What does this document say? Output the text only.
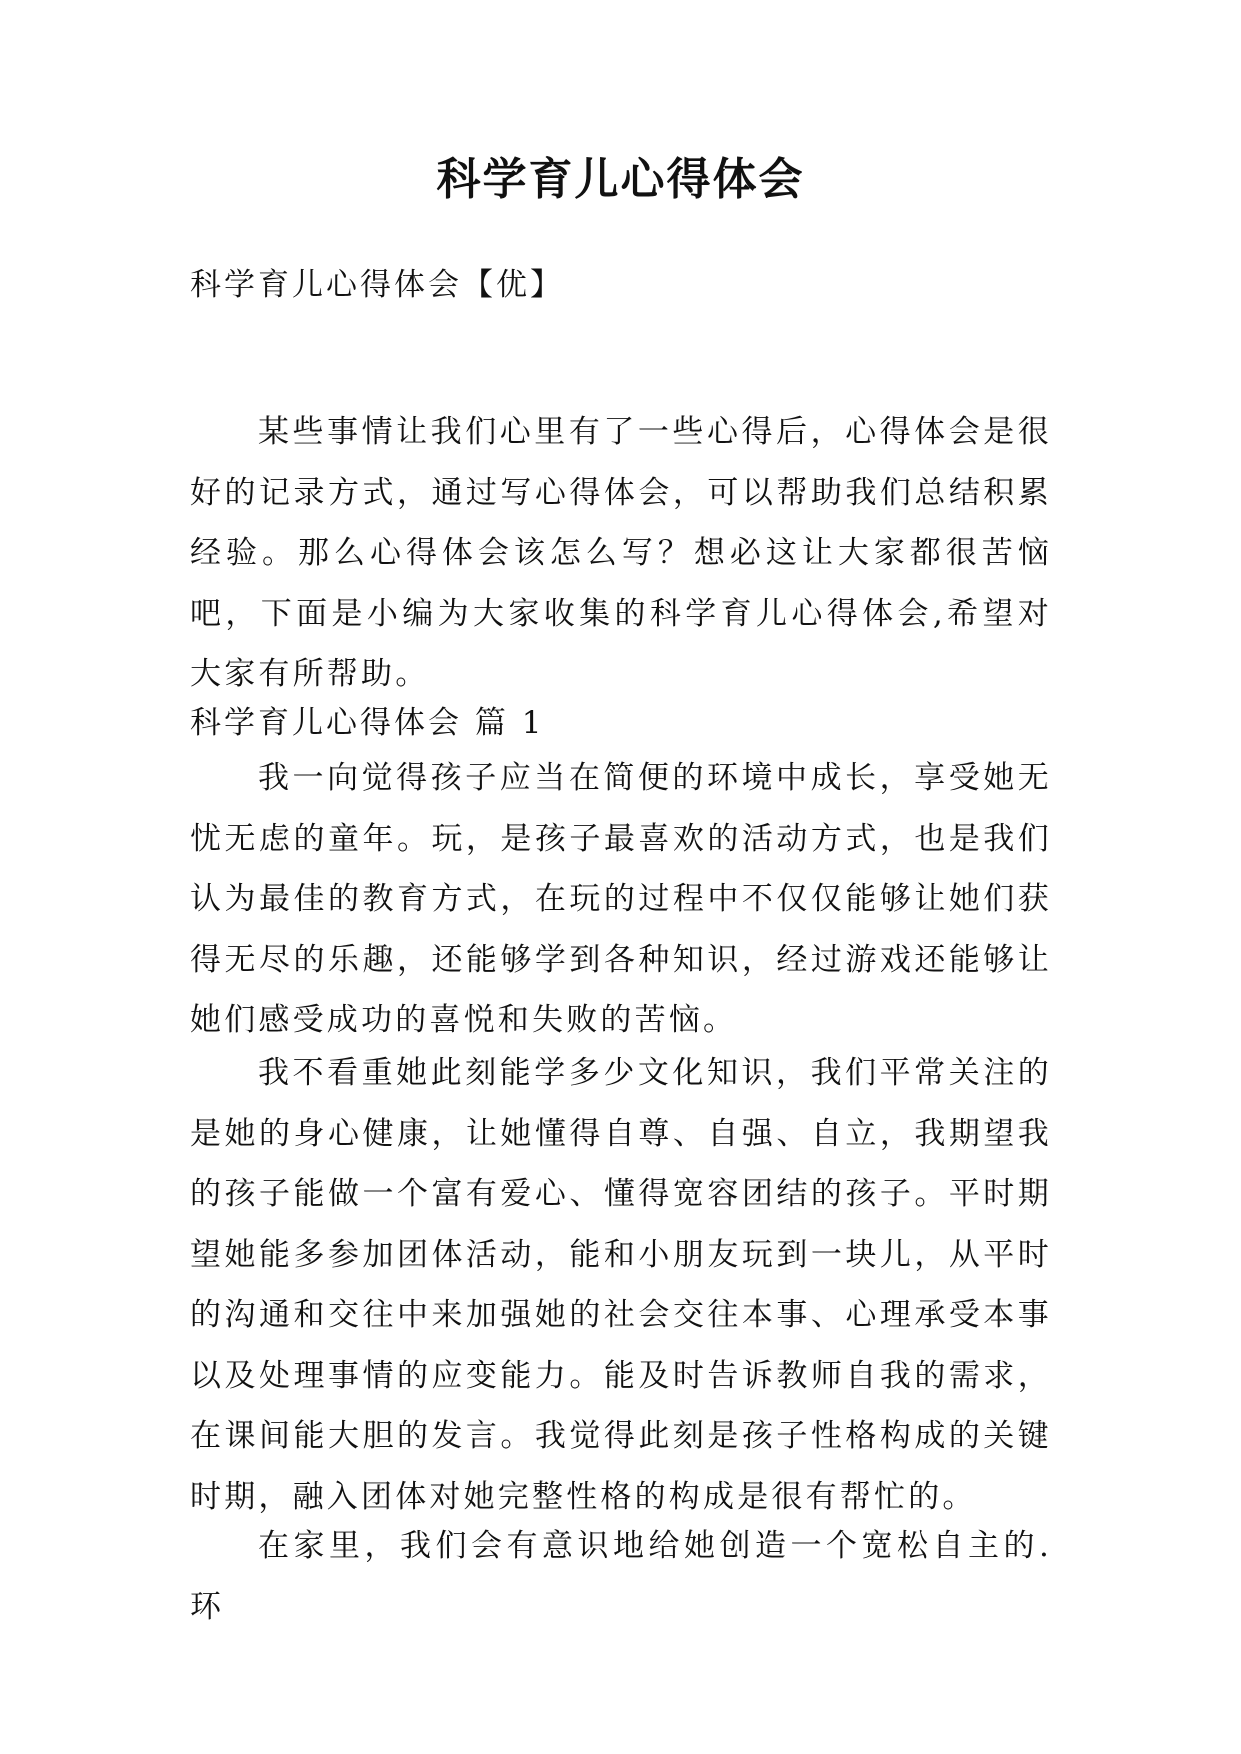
科学育儿心得体会
科学育儿心得体会【优】

某些事情让我们心里有了一些心得后，心得体会是很好的记录方式，通过写心得体会，可以帮助我们总结积累经验。那么心得体会该怎么写？想必这让大家都很苦恼吧，下面是小编为大家收集的科学育儿心得体会,希望对大家有所帮助。

科学育儿心得体会 篇 1

我一向觉得孩子应当在简便的环境中成长，享受她无忧无虑的童年。玩，是孩子最喜欢的活动方式，也是我们认为最佳的教育方式，在玩的过程中不仅仅能够让她们获得无尽的乐趣，还能够学到各种知识，经过游戏还能够让她们感受成功的喜悦和失败的苦恼。

我不看重她此刻能学多少文化知识，我们平常关注的是她的身心健康，让她懂得自尊、自强、自立，我期望我的孩子能做一个富有爱心、懂得宽容团结的孩子。平时期望她能多参加团体活动，能和小朋友玩到一块儿，从平时的沟通和交往中来加强她的社会交往本事、心理承受本事以及处理事情的应变能力。能及时告诉教师自我的需求，在课间能大胆的发言。我觉得此刻是孩子性格构成的关键时期，融入团体对她完整性格的构成是很有帮忙的。

在家里，我们会有意识地给她创造一个宽松自主的.环
